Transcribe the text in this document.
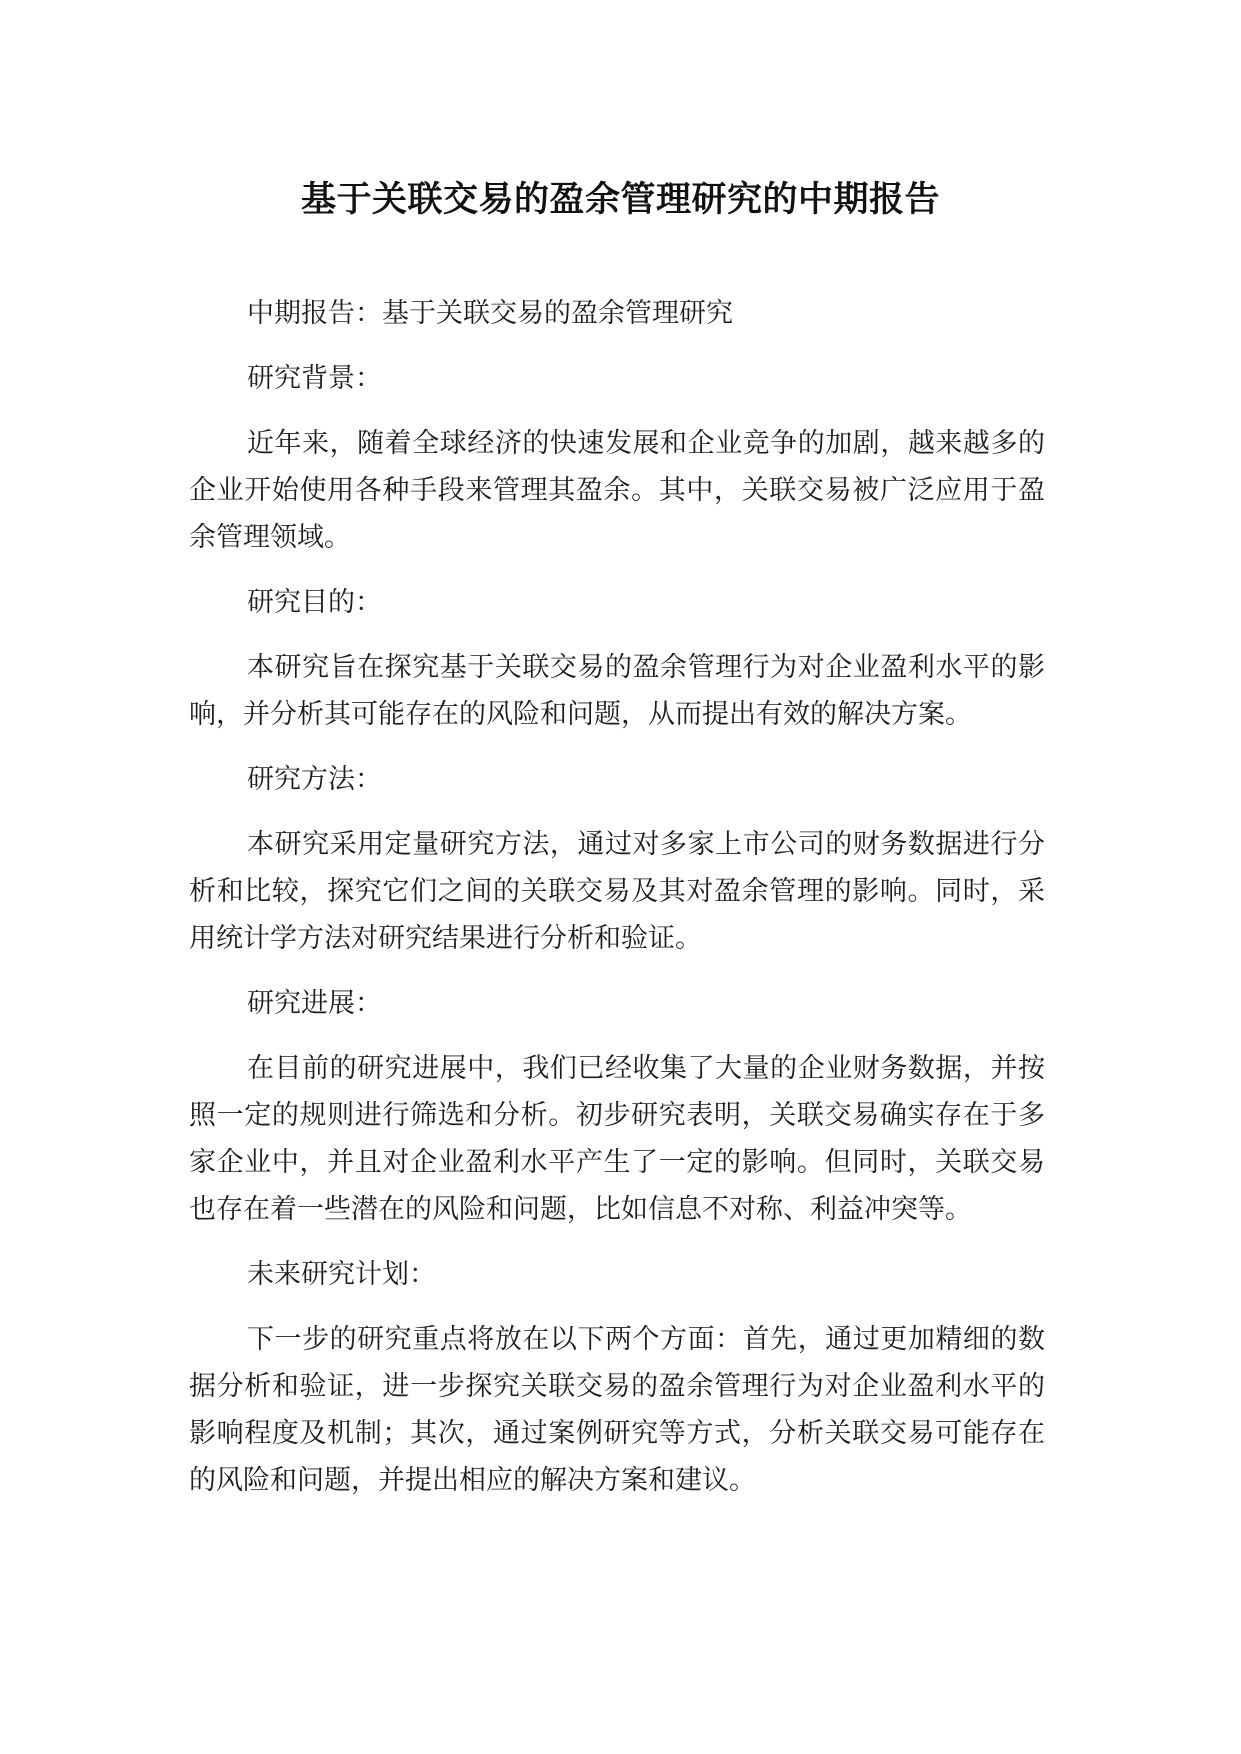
基于关联交易的盈余管理研究的中期报告
中期报告：基于关联交易的盈余管理研究
研究背景：

近年来，随着全球经济的快速发展和企业竞争的加剧，越来越多的企业开始使用各种手段来管理其盈余。其中，关联交易被广泛应用于盈余管理领域。

研究目的：

本研究旨在探究基于关联交易的盈余管理行为对企业盈利水平的影响，并分析其可能存在的风险和问题，从而提出有效的解决方案。

研究方法：

本研究采用定量研究方法，通过对多家上市公司的财务数据进行分析和比较，探究它们之间的关联交易及其对盈余管理的影响。同时，采用统计学方法对研究结果进行分析和验证。

研究进展：

在目前的研究进展中，我们已经收集了大量的企业财务数据，并按照一定的规则进行筛选和分析。初步研究表明，关联交易确实存在于多家企业中，并且对企业盈利水平产生了一定的影响。但同时，关联交易也存在着一些潜在的风险和问题，比如信息不对称、利益冲突等。

未来研究计划：

下一步的研究重点将放在以下两个方面：首先，通过更加精细的数据分析和验证，进一步探究关联交易的盈余管理行为对企业盈利水平的影响程度及机制；其次，通过案例研究等方式，分析关联交易可能存在的风险和问题，并提出相应的解决方案和建议。
